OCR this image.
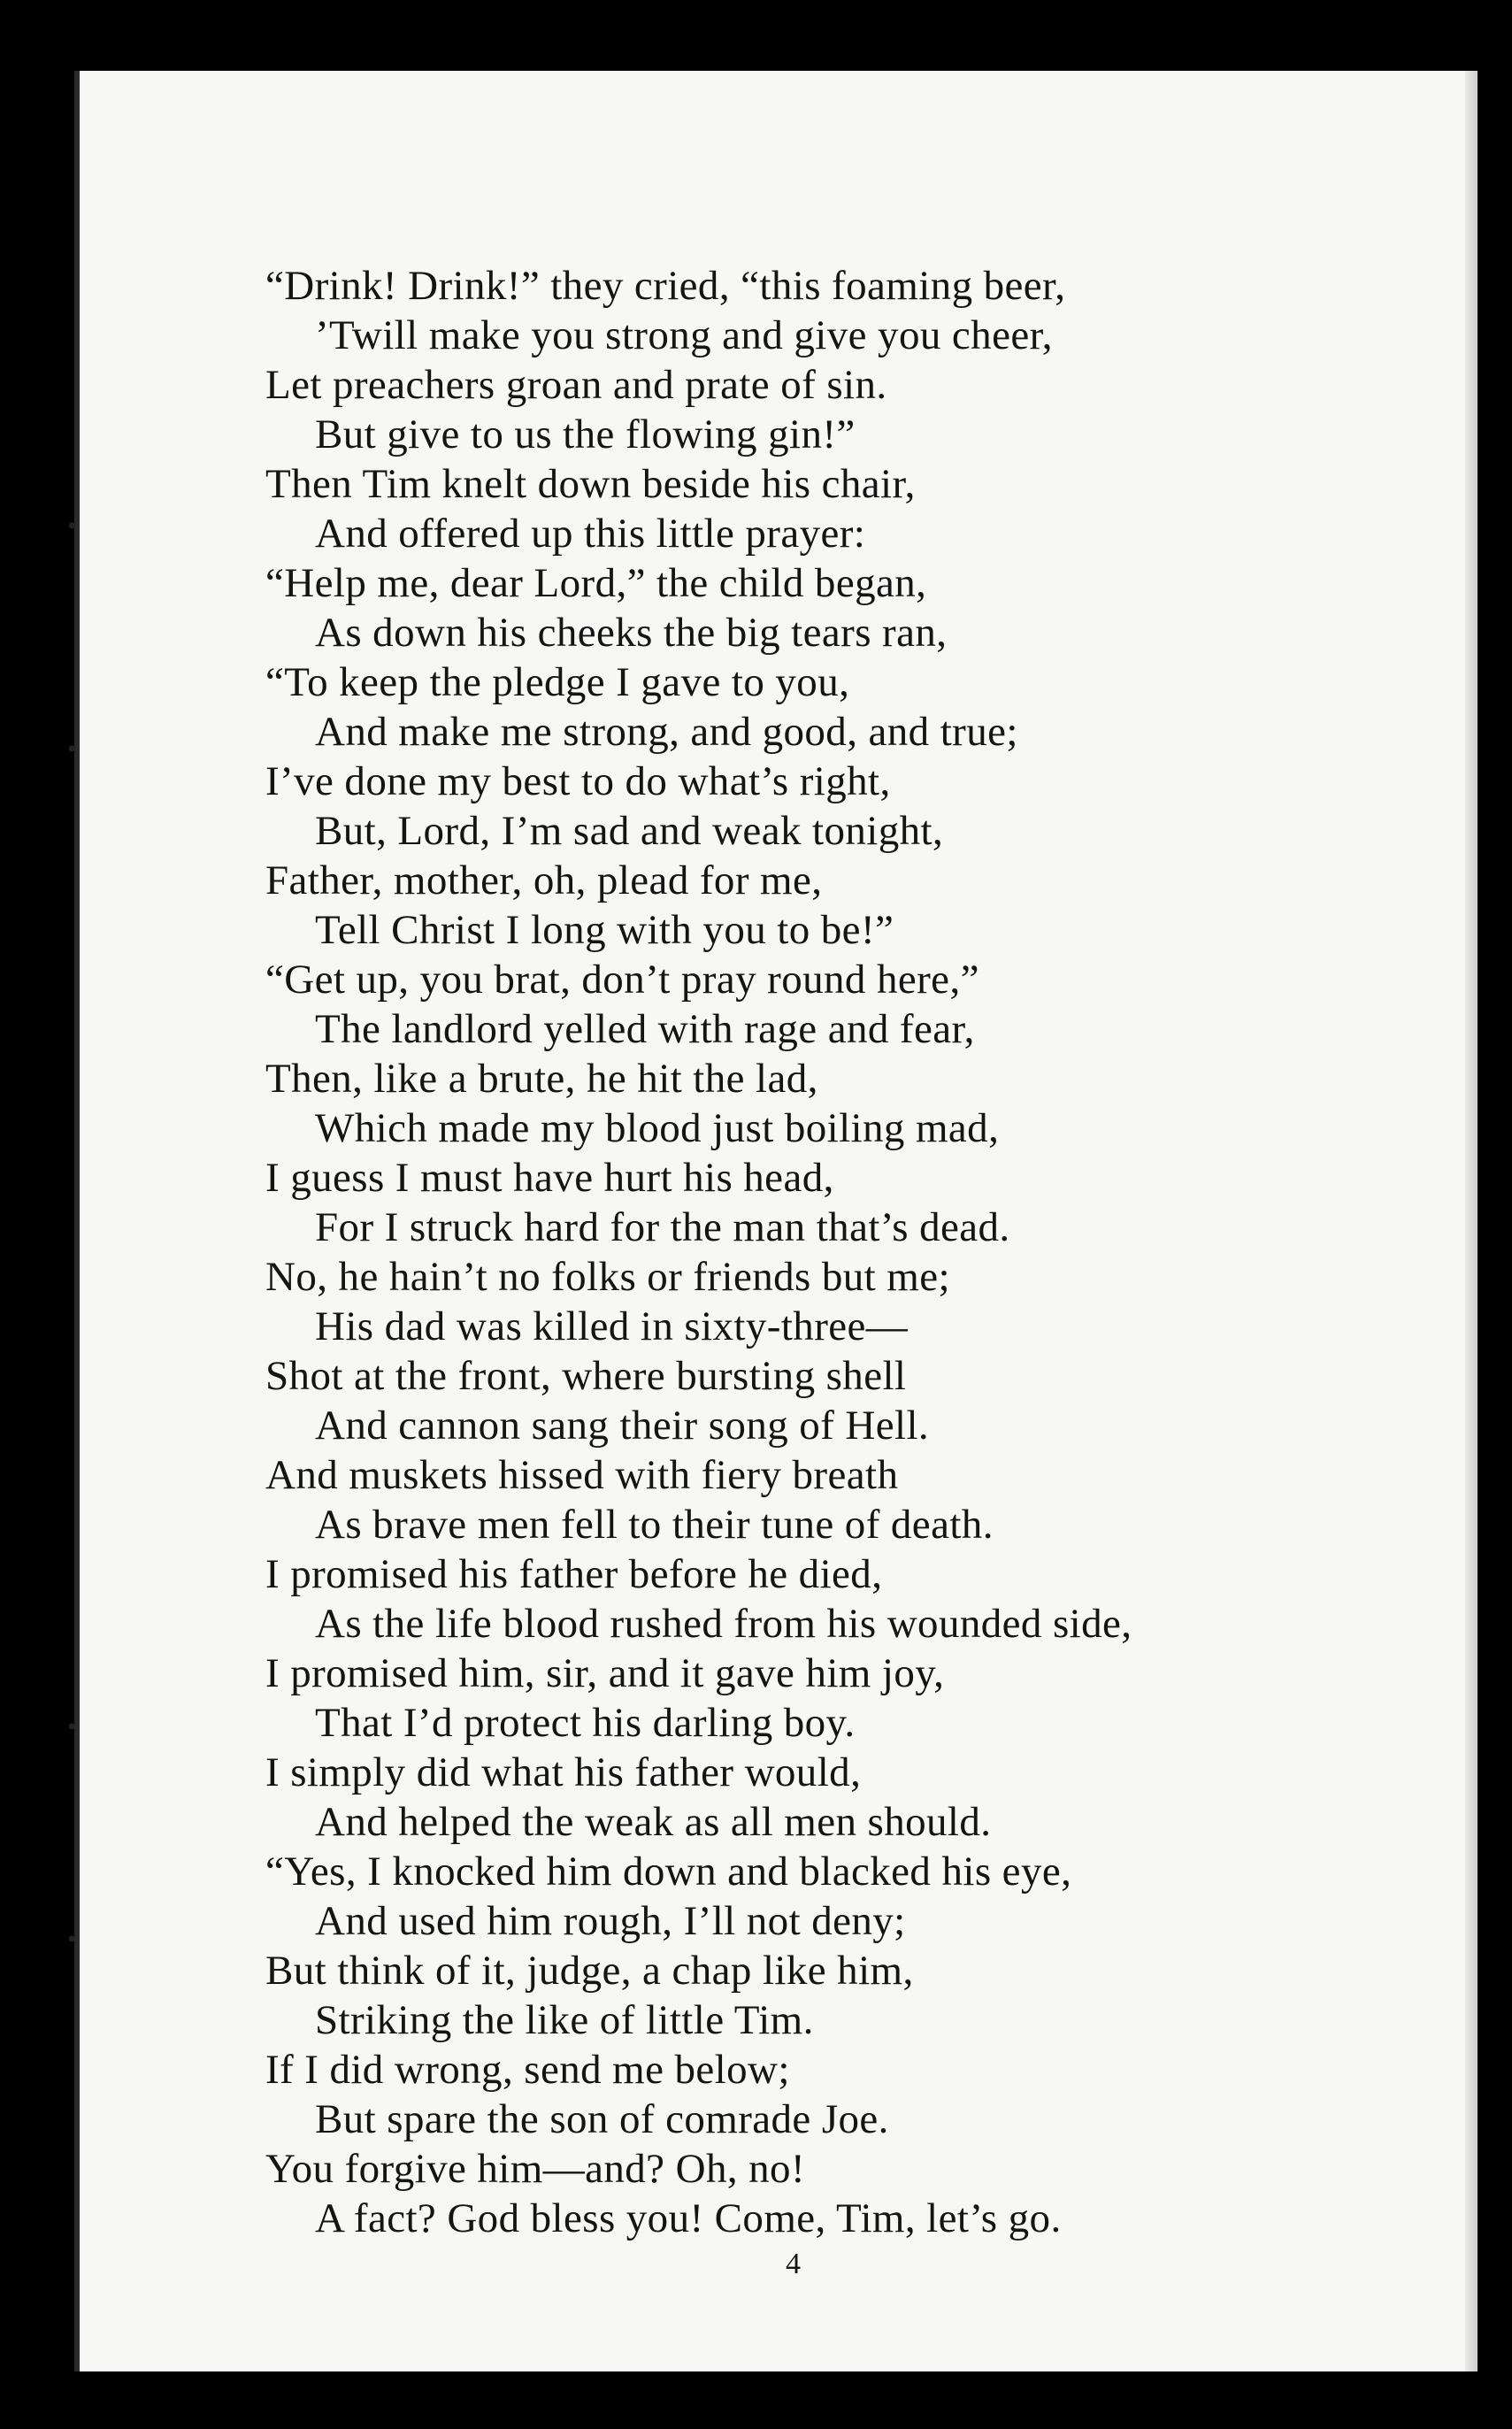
“Drink! Drink!” they cried, “this foaming beer,
’Twill make you strong and give you cheer,
Let preachers groan and prate of sin.
But give to us the flowing gin!”
Then Tim knelt down beside his chair,
And offered up this little prayer:
“Help me, dear Lord,” the child began,
As down his cheeks the big tears ran,
“To keep the pledge I gave to you,
And make me strong, and good, and true;
I’ve done my best to do what’s right,
But, Lord, I’m sad and weak tonight,
Father, mother, oh, plead for me,
Tell Christ I long with you to be!”
“Get up, you brat, don’t pray round here,”
The landlord yelled with rage and fear,
Then, like a brute, he hit the lad,
Which made my blood just boiling mad,
I guess I must have hurt his head,
For I struck hard for the man that’s dead.
No, he hain’t no folks or friends but me;
His dad was killed in sixty-three—
Shot at the front, where bursting shell
And cannon sang their song of Hell.
And muskets hissed with fiery breath
As brave men fell to their tune of death.
I promised his father before he died,
As the life blood rushed from his wounded side,
I promised him, sir, and it gave him joy,
That I’d protect his darling boy.
I simply did what his father would,
And helped the weak as all men should.
“Yes, I knocked him down and blacked his eye,
And used him rough, I’ll not deny;
But think of it, judge, a chap like him,
Striking the like of little Tim.
If I did wrong, send me below;
But spare the son of comrade Joe.
You forgive him—and? Oh, no!
A fact? God bless you! Come, Tim, let’s go.
4
•
•
•
•
